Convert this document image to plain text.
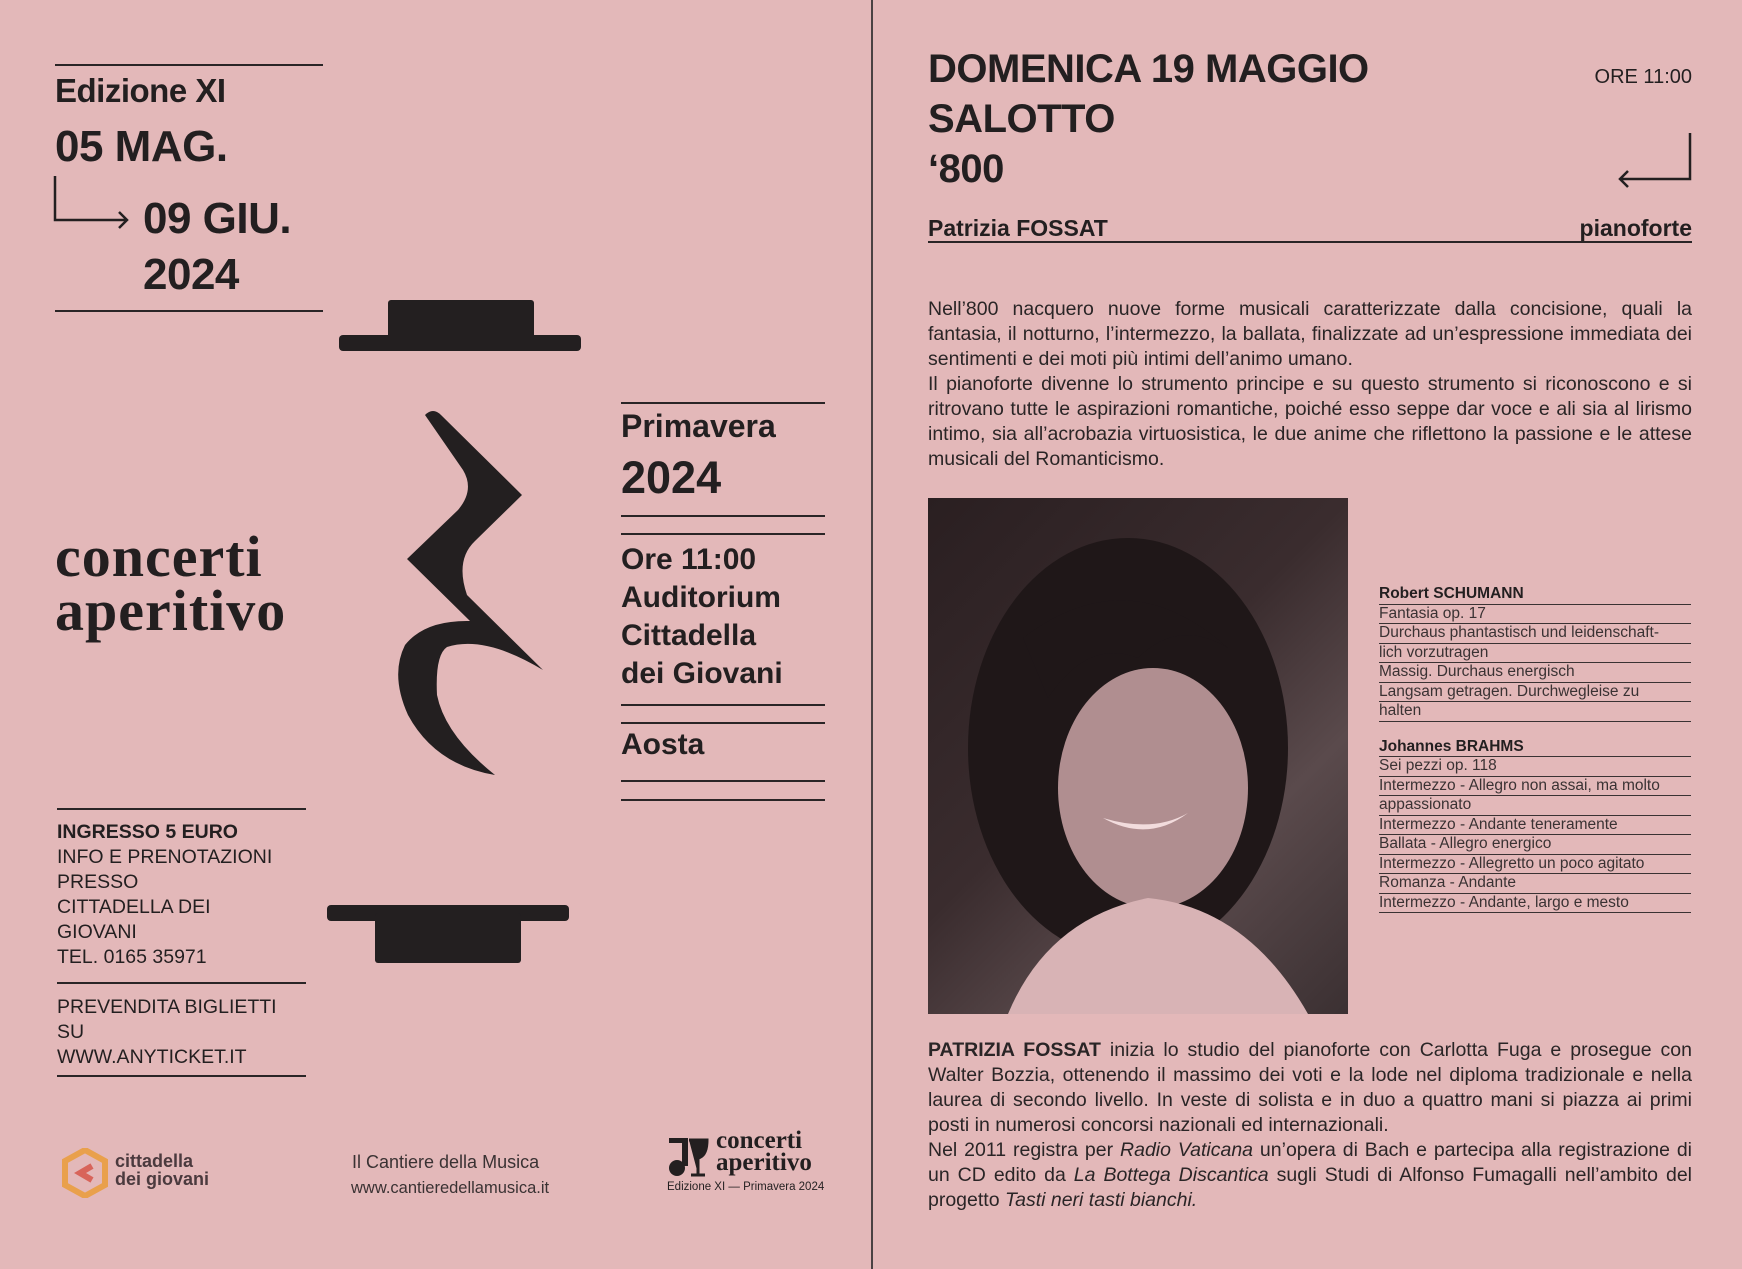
Edizione XI
05 MAG.
09 GIU.
2024
concerti
aperitivo
Primavera
2024
Ore 11:00
Auditorium
Cittadella
dei Giovani
Aosta
INGRESSO 5 EURO
INFO E PRENOTAZIONI
PRESSO
CITTADELLA DEI
GIOVANI
TEL. 0165 35971
PREVENDITA BIGLIETTI
SU
WWW.ANYTICKET.IT
cittadella
dei giovani
Il Cantiere della Musica
www.cantieredellamusica.it
concerti
aperitivo
Edizione XI — Primavera 2024
DOMENICA 19 MAGGIO
SALOTTO
‘800
ORE 11:00
Patrizia FOSSAT	pianoforte
Nell’800 nacquero nuove forme musicali caratterizzate dalla concisione, quali la fantasia, il notturno, l’intermezzo, la ballata, finalizzate ad un’espressione immediata dei sentimenti e dei moti più intimi dell’animo umano.
Il pianoforte divenne lo strumento principe e su questo strumento si riconoscono e si ritrovano tutte le aspirazioni romantiche, poiché esso seppe dar voce e ali sia al lirismo intimo, sia all’acrobazia virtuosistica, le due anime che riflettono la passione e le attese musicali del Romanticismo.
Robert SCHUMANN
Fantasia op. 17
Durchaus phantastisch und leidenschaft-
lich vorzutragen
Massig. Durchaus energisch
Langsam getragen. Durchwegleise zu
halten
Johannes BRAHMS
Sei pezzi op. 118
Intermezzo - Allegro non assai, ma molto
appassionato
Intermezzo - Andante teneramente
Ballata - Allegro energico
Intermezzo - Allegretto un poco agitato
Romanza - Andante
Intermezzo - Andante, largo e mesto
PATRIZIA FOSSAT inizia lo studio del pianoforte con Carlotta Fuga e prosegue con Walter Bozzia, ottenendo il massimo dei voti e la lode nel diploma tradizionale e nella laurea di secondo livello. In veste di solista e in duo a quattro mani si piazza ai primi posti in numerosi concorsi nazionali ed internazionali.
Nel 2011 registra per Radio Vaticana un’opera di Bach e partecipa alla registrazione di un CD edito da La Bottega Discantica sugli Studi di Alfonso Fumagalli nell’ambito del progetto Tasti neri tasti bianchi.
